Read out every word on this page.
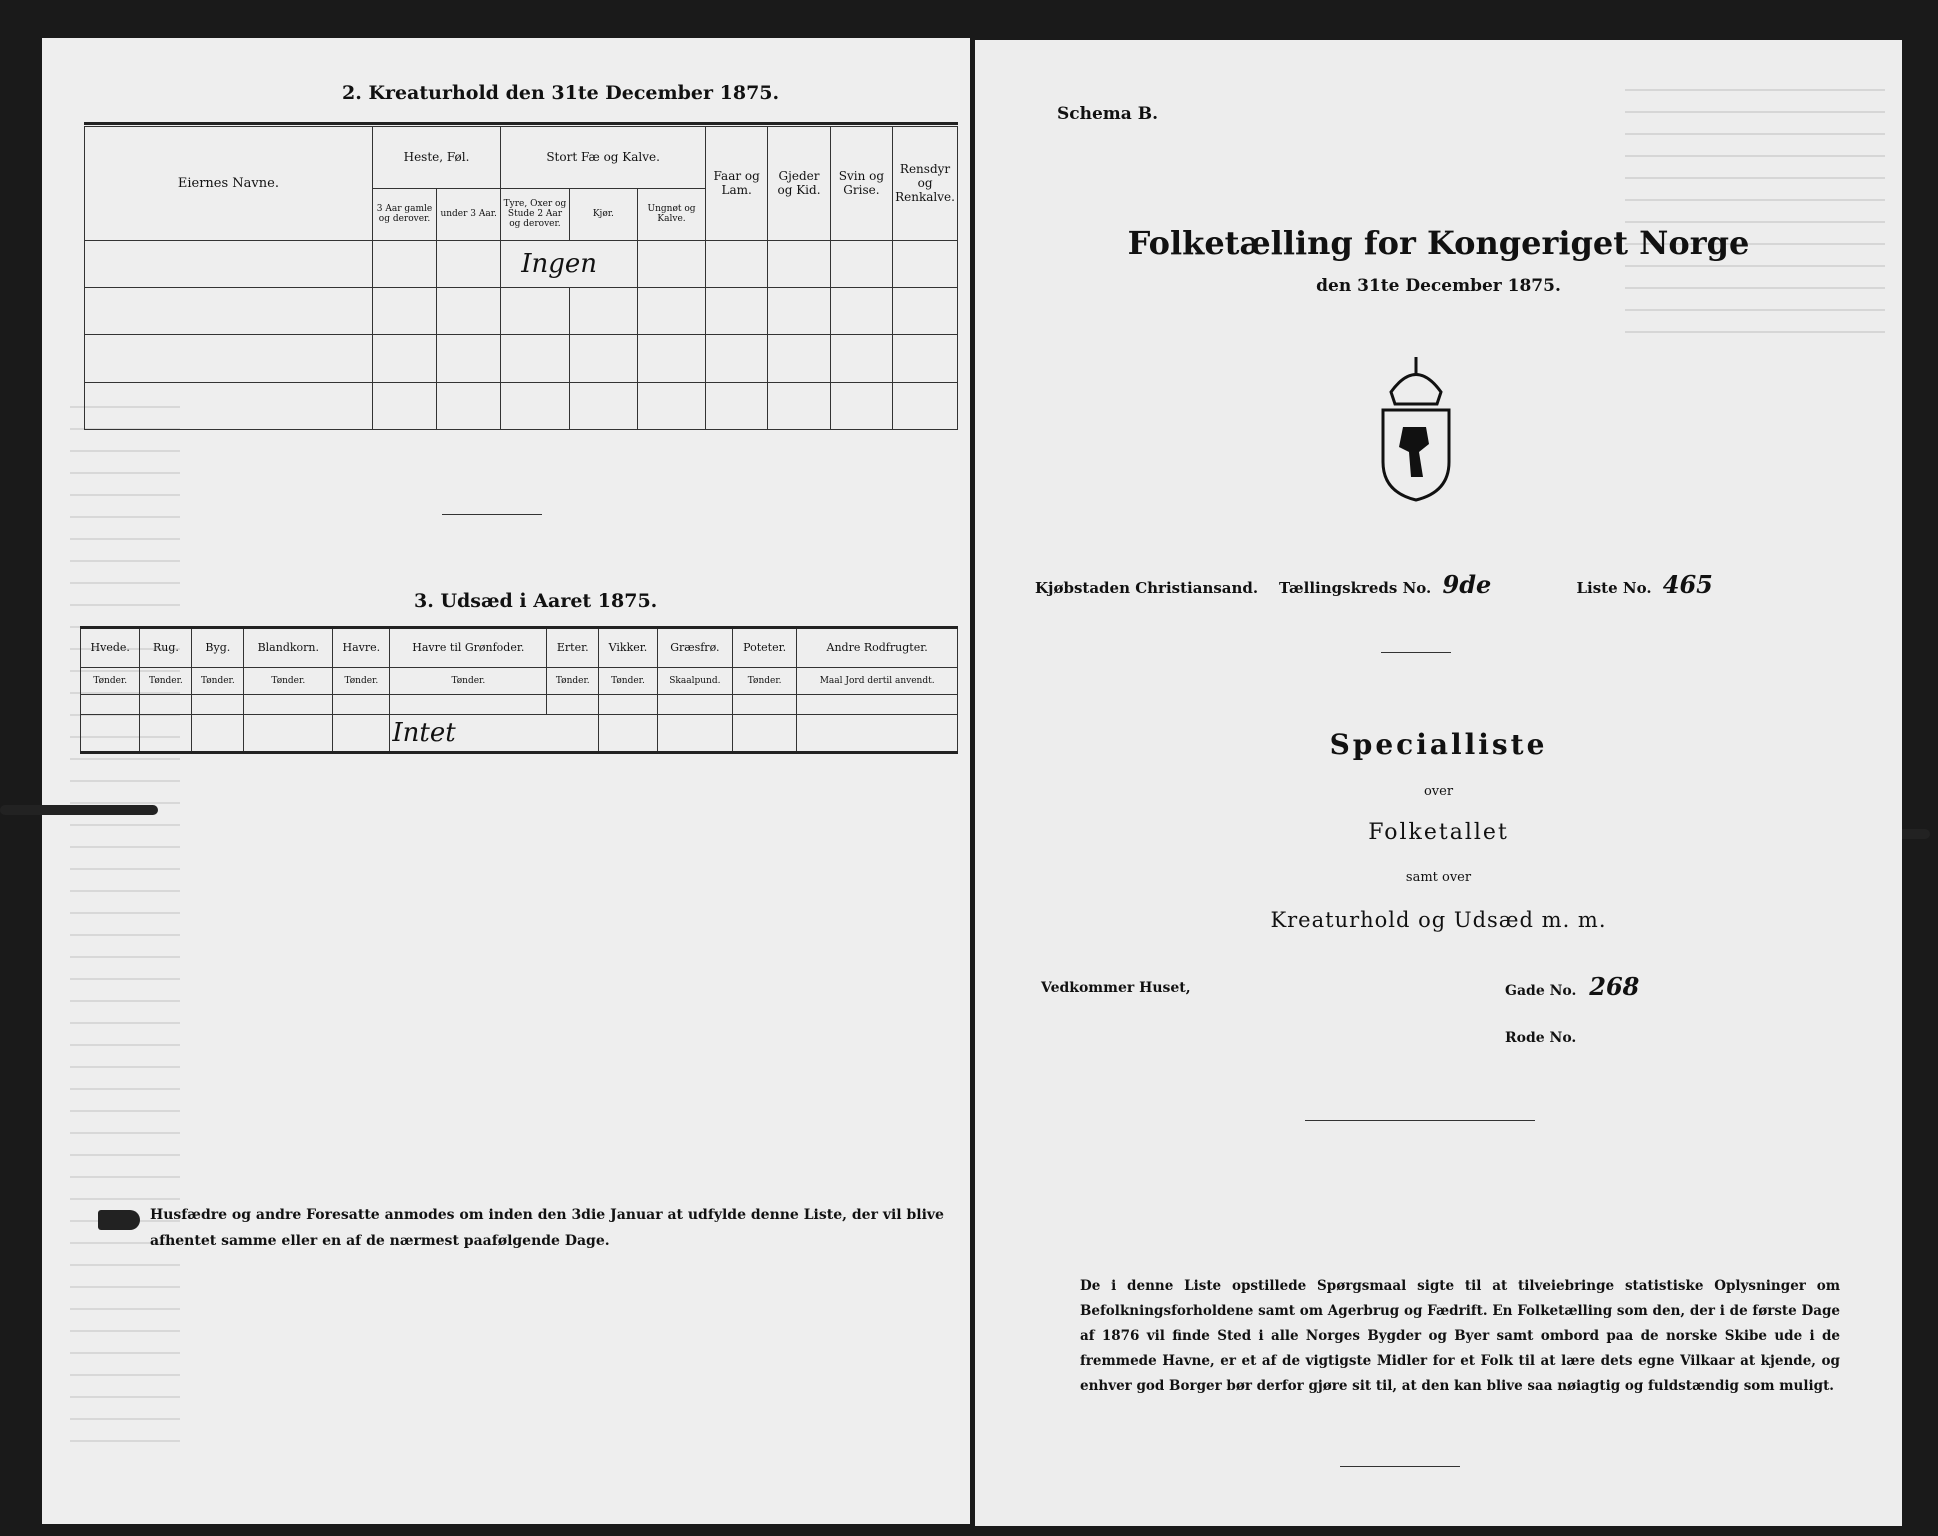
2. Kreaturhold den 31te December 1875.
Eiernes Navne.	Heste, Føl.		Stort Fæ og Kalve.			Faar og Lam.	Gjeder og Kid.	Svin og Grise.	Rensdyr og Renkalve.
	3 Aar gamle og derover.	under 3 Aar.	Tyre, Oxer og Stude 2 Aar og derover.	Kjør.	Ungnøt og Kalve.				
			Ingen						

3. Udsæd i Aaret 1875.
Hvede.	Rug.	Byg.	Blandkorn.	Havre.	Havre til Grønfoder.	Erter.	Vikker.	Græsfrø.	Poteter.	Andre Rodfrugter.
Tønder.	Tønder.	Tønder.	Tønder.	Tønder.	Tønder.	Tønder.	Tønder.	Skaalpund.	Tønder.	Maal Jord dertil anvendt.

					Intet					
Husfædre og andre Foresatte anmodes om inden den 3die Januar at udfylde denne Liste, der vil blive afhentet samme eller en af de nærmest paafølgende Dage.
Schema B.
Folketælling for Kongeriget Norge
den 31te December 1875.
Kjøbstaden Christiansand. Tællingskreds No. 9de	Liste No. 465
Specialliste
over
Folketallet
samt over
Kreaturhold og Udsæd m. m.
Vedkommer Huset,	Gade No. 268
Rode No.
De i denne Liste opstillede Spørgsmaal sigte til at tilveiebringe statistiske Oplysninger om Befolkningsforholdene samt om Agerbrug og Fædrift. En Folketælling som den, der i de første Dage af 1876 vil finde Sted i alle Norges Bygder og Byer samt ombord paa de norske Skibe ude i de fremmede Havne, er et af de vigtigste Midler for et Folk til at lære dets egne Vilkaar at kjende, og enhver god Borger bør derfor gjøre sit til, at den kan blive saa nøiagtig og fuldstændig som muligt.
